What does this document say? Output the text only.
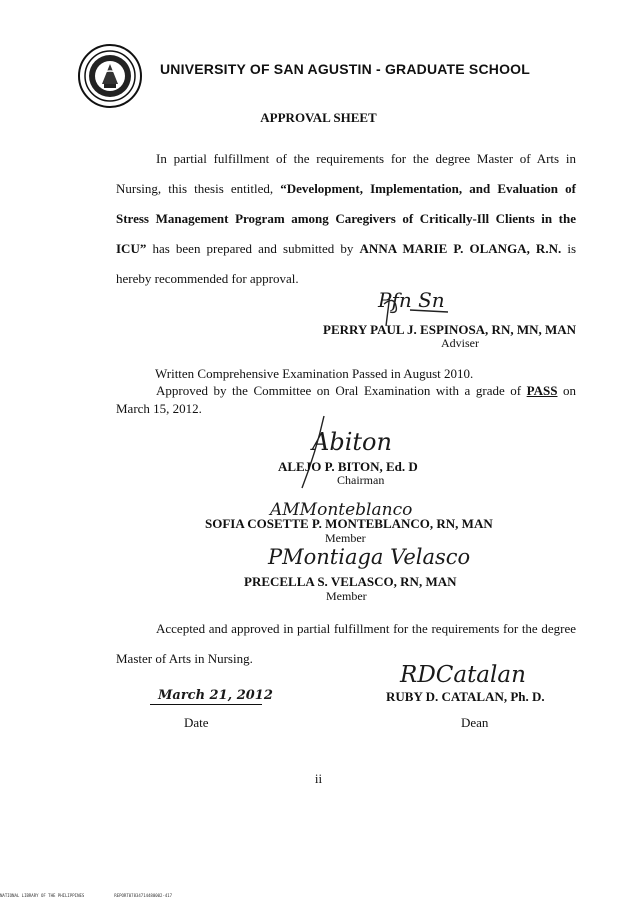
UNIVERSITY OF SAN AGUSTIN - GRADUATE SCHOOL
APPROVAL SHEET
In partial fulfillment of the requirements for the degree Master of Arts in Nursing, this thesis entitled, “Development, Implementation, and Evaluation of Stress Management Program among Caregivers of Critically-Ill Clients in the ICU” has been prepared and submitted by ANNA MARIE P. OLANGA, R.N. is hereby recommended for approval.
Pfn Sn
PERRY PAUL J. ESPINOSA, RN, MN, MAN
Adviser
Written Comprehensive Examination Passed in August 2010.
Approved by the Committee on Oral Examination with a grade of PASS on March 15, 2012.
Abiton
ALEJO P. BITON, Ed. D
Chairman
AMMonteblanco
SOFIA COSETTE P. MONTEBLANCO, RN, MAN
Member
PMontiaga Velasco
PRECELLA S. VELASCO, RN, MAN
Member
Accepted and approved in partial fulfillment for the requirements for the degree Master of Arts in Nursing.
March 21, 2012
Date
RDCatalan
RUBY D. CATALAN, Ph. D.
Dean
ii
NATIONAL LIBRARY OF THE PHILIPPINES	REPORT07834714480002-417
